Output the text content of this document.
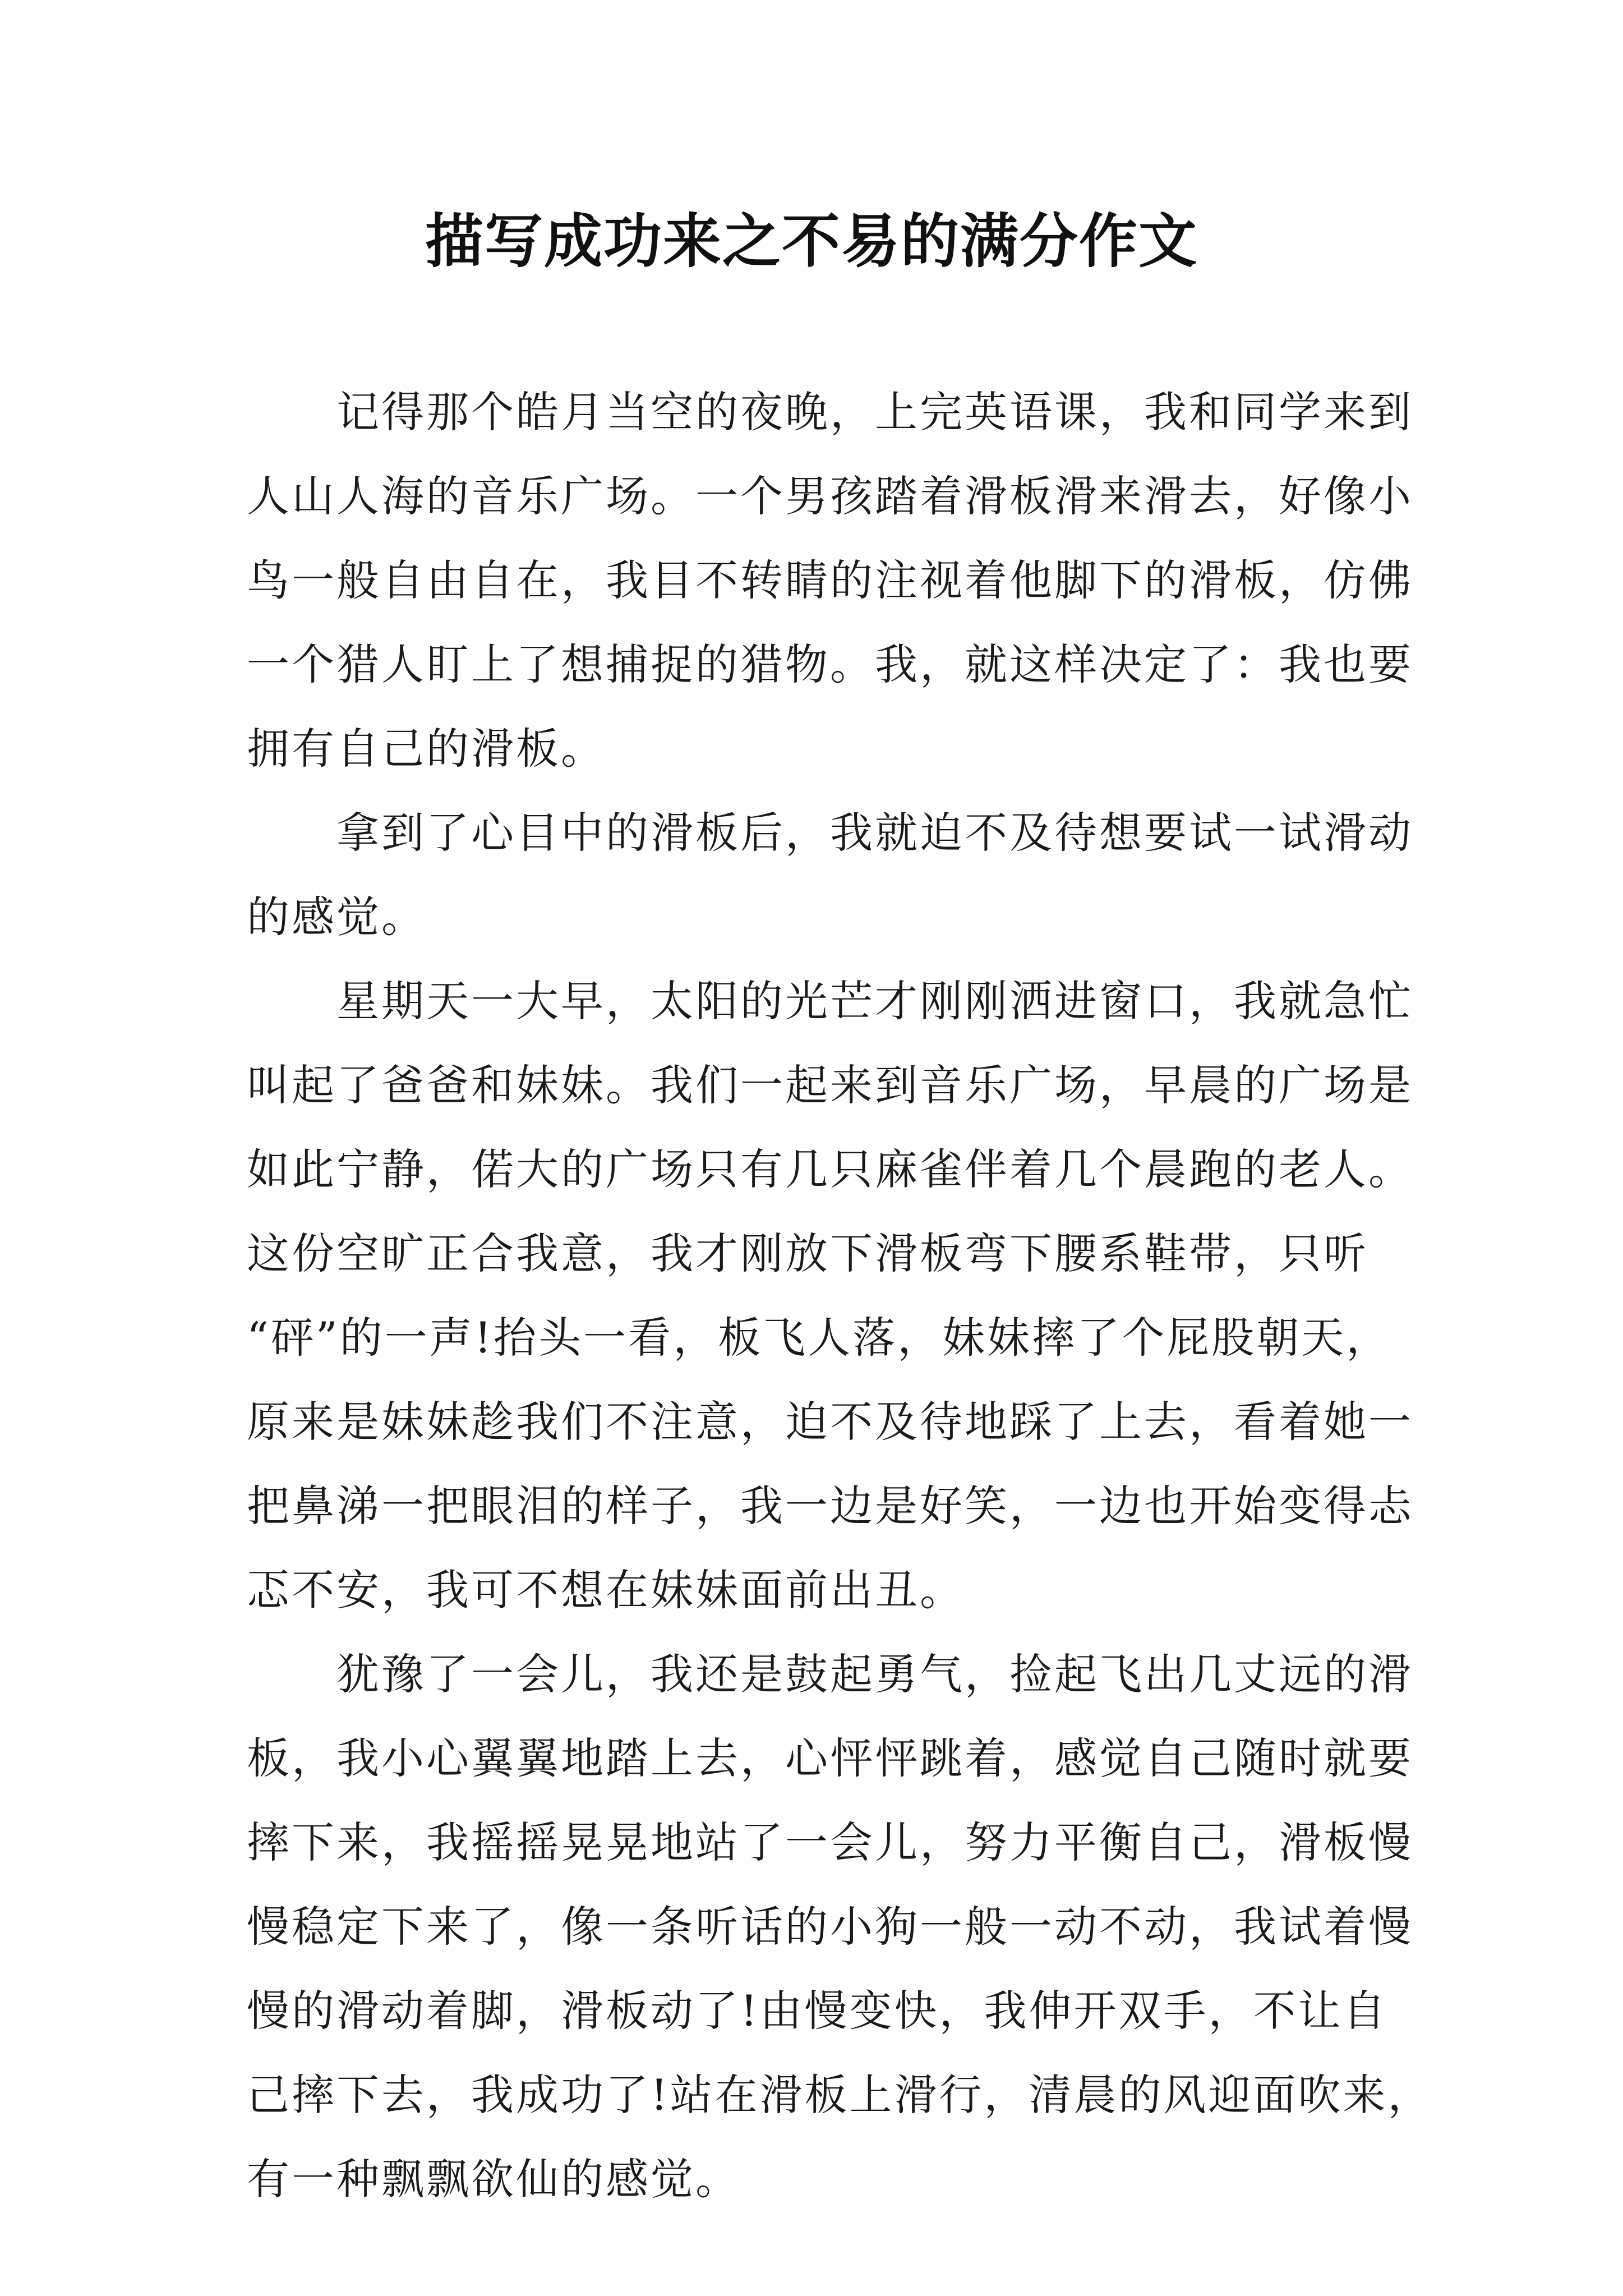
描写成功来之不易的满分作文
记得那个皓月当空的夜晚，上完英语课，我和同学来到
人山人海的音乐广场。一个男孩踏着滑板滑来滑去，好像小
鸟一般自由自在，我目不转睛的注视着他脚下的滑板，仿佛
一个猎人盯上了想捕捉的猎物。我，就这样决定了：我也要
拥有自己的滑板。
拿到了心目中的滑板后，我就迫不及待想要试一试滑动
的感觉。
星期天一大早，太阳的光芒才刚刚洒进窗口，我就急忙
叫起了爸爸和妹妹。我们一起来到音乐广场，早晨的广场是
如此宁静，偌大的广场只有几只麻雀伴着几个晨跑的老人。
这份空旷正合我意，我才刚放下滑板弯下腰系鞋带，只听
“砰”的一声!抬头一看，板飞人落，妹妹摔了个屁股朝天，
原来是妹妹趁我们不注意，迫不及待地踩了上去，看着她一
把鼻涕一把眼泪的样子，我一边是好笑，一边也开始变得忐
忑不安，我可不想在妹妹面前出丑。
犹豫了一会儿，我还是鼓起勇气，捡起飞出几丈远的滑
板，我小心翼翼地踏上去，心怦怦跳着，感觉自己随时就要
摔下来，我摇摇晃晃地站了一会儿，努力平衡自己，滑板慢
慢稳定下来了，像一条听话的小狗一般一动不动，我试着慢
慢的滑动着脚，滑板动了!由慢变快，我伸开双手，不让自
己摔下去，我成功了!站在滑板上滑行，清晨的风迎面吹来，
有一种飘飘欲仙的感觉。
